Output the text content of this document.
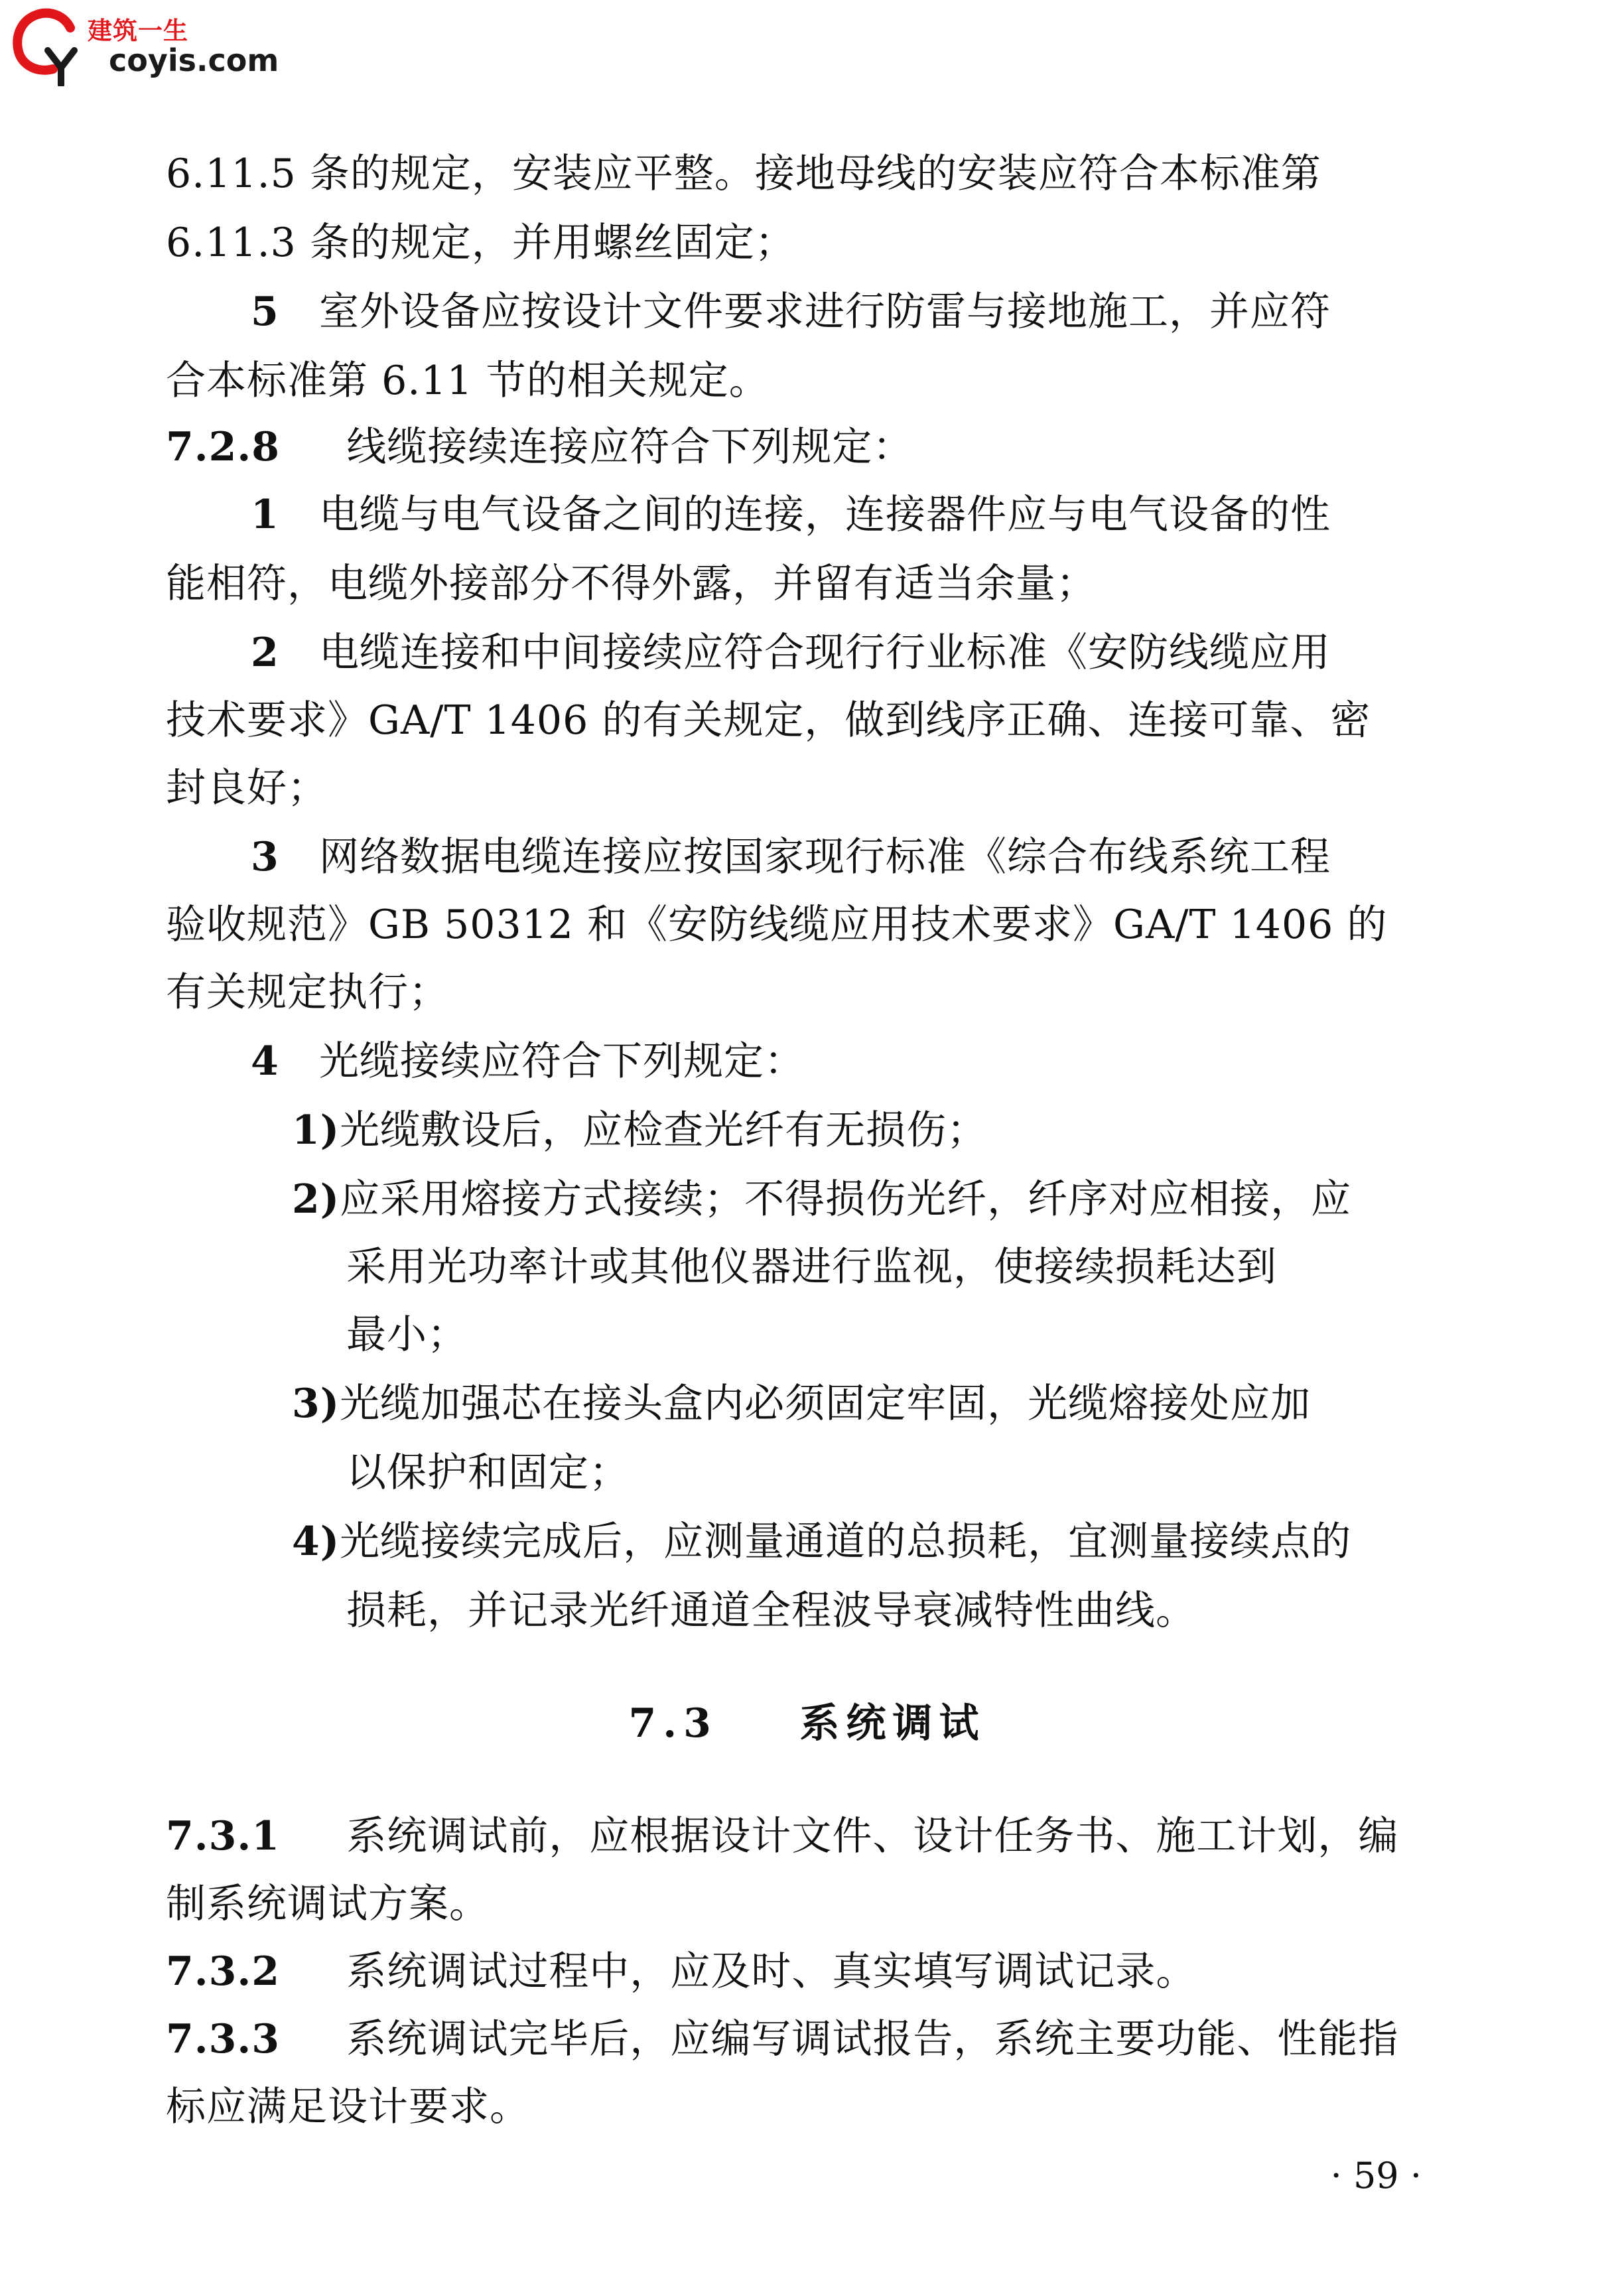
建筑一生
coyis.com
6.11.5 条的规定，安装应平整。接地母线的安装应符合本标准第
6.11.3 条的规定，并用螺丝固定；
5 室外设备应按设计文件要求进行防雷与接地施工，并应符
合本标准第 6.11 节的相关规定。
7.2.8 线缆接续连接应符合下列规定：
1 电缆与电气设备之间的连接，连接器件应与电气设备的性
能相符，电缆外接部分不得外露，并留有适当余量；
2 电缆连接和中间接续应符合现行行业标准《安防线缆应用
技术要求》GA/T 1406 的有关规定，做到线序正确、连接可靠、密
封良好；
3 网络数据电缆连接应按国家现行标准《综合布线系统工程
验收规范》GB 50312 和《安防线缆应用技术要求》GA/T 1406 的
有关规定执行；
4 光缆接续应符合下列规定：
1)光缆敷设后，应检查光纤有无损伤；
2)应采用熔接方式接续；不得损伤光纤，纤序对应相接，应
采用光功率计或其他仪器进行监视，使接续损耗达到
最小；
3)光缆加强芯在接头盒内必须固定牢固，光缆熔接处应加
以保护和固定；
4)光缆接续完成后，应测量通道的总损耗，宜测量接续点的
损耗，并记录光纤通道全程波导衰减特性曲线。
7.3 系统调试
7.3.1 系统调试前，应根据设计文件、设计任务书、施工计划，编
制系统调试方案。
7.3.2 系统调试过程中，应及时、真实填写调试记录。
7.3.3 系统调试完毕后，应编写调试报告，系统主要功能、性能指
标应满足设计要求。
· 59 ·
